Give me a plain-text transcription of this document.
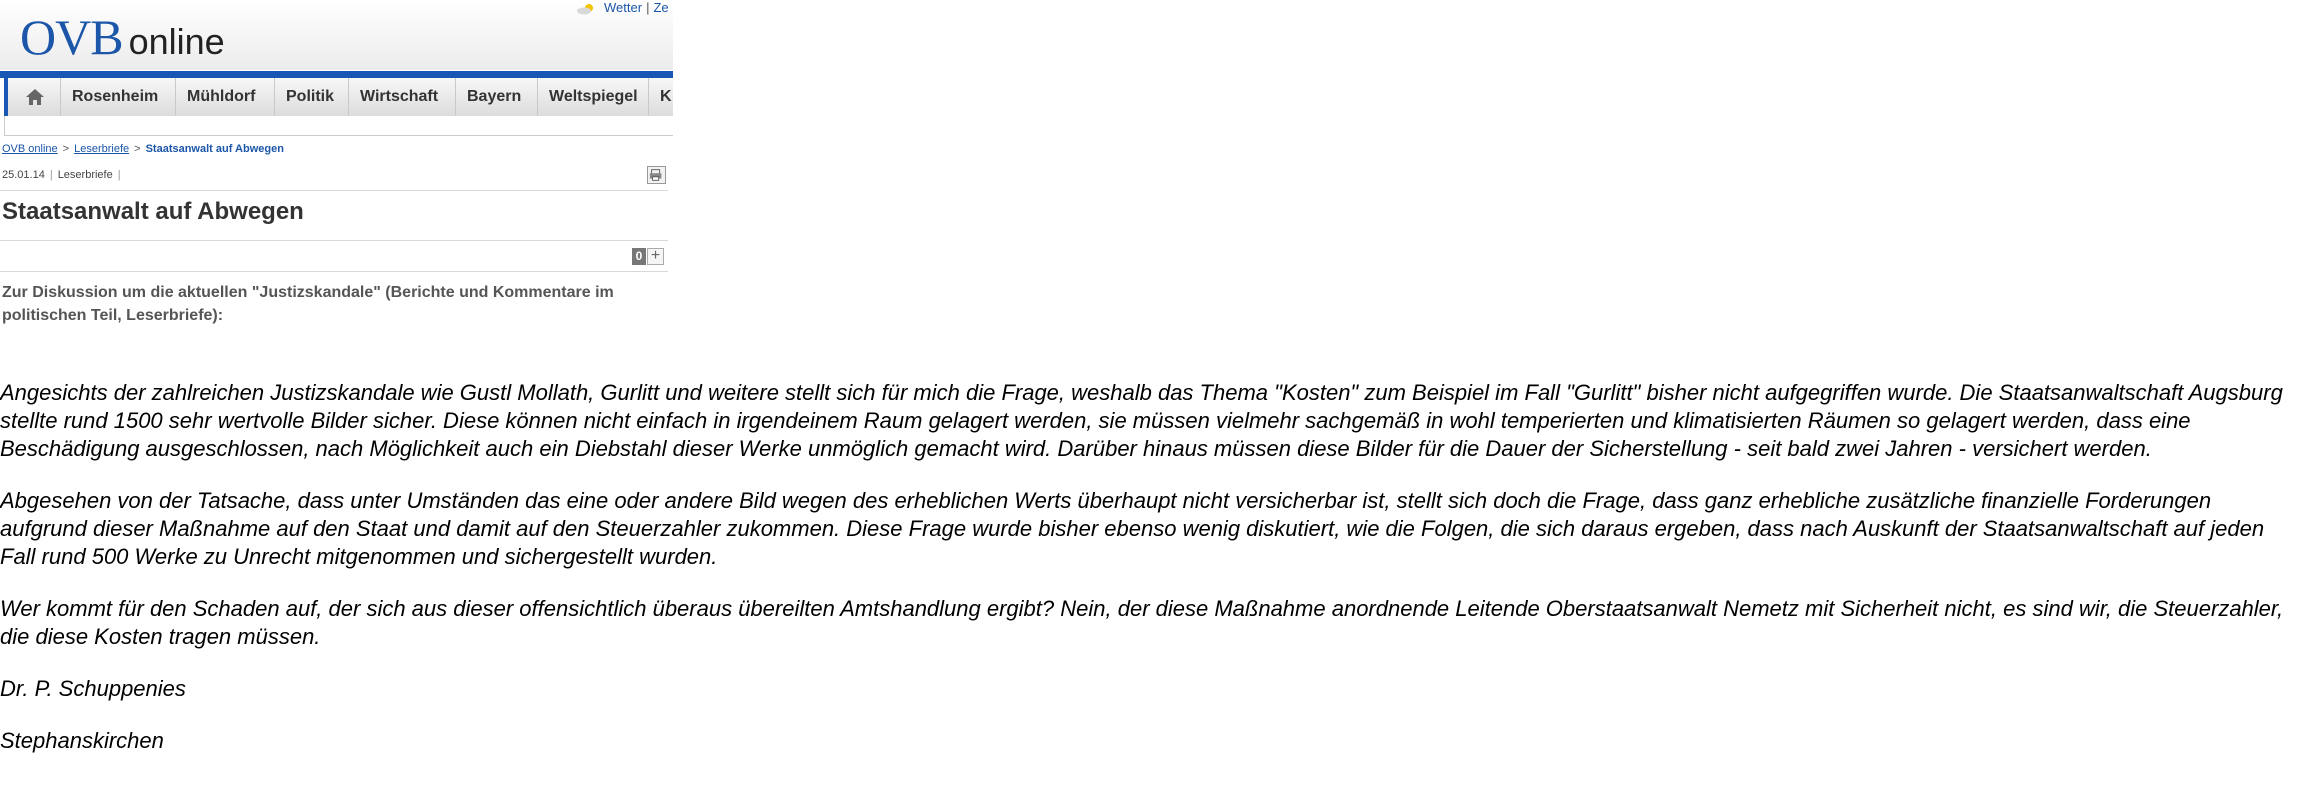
OVB online
Wetter | Ze
Rosenheim	Mühldorf	Politik	Wirtschaft	Bayern	Weltspiegel	K
OVB online > Leserbriefe > Staatsanwalt auf Abwegen
25.01.14 | Leserbriefe |
Staatsanwalt auf Abwegen
0 +

Zur Diskussion um die aktuellen "Justizskandale" (Berichte und Kommentare im politischen Teil, Leserbriefe):

Angesichts der zahlreichen Justizskandale wie Gustl Mollath, Gurlitt und weitere stellt sich für mich die Frage, weshalb das Thema "Kosten" zum Beispiel im Fall "Gurlitt" bisher nicht aufgegriffen wurde. Die Staatsanwaltschaft Augsburg stellte rund 1500 sehr wertvolle Bilder sicher. Diese können nicht einfach in irgendeinem Raum gelagert werden, sie müssen vielmehr sachgemäß in wohl temperierten und klimatisierten Räumen so gelagert werden, dass eine Beschädigung ausgeschlossen, nach Möglichkeit auch ein Diebstahl dieser Werke unmöglich gemacht wird. Darüber hinaus müssen diese Bilder für die Dauer der Sicherstellung - seit bald zwei Jahren - versichert werden.

Abgesehen von der Tatsache, dass unter Umständen das eine oder andere Bild wegen des erheblichen Werts überhaupt nicht versicherbar ist, stellt sich doch die Frage, dass ganz erhebliche zusätzliche finanzielle Forderungen aufgrund dieser Maßnahme auf den Staat und damit auf den Steuerzahler zukommen. Diese Frage wurde bisher ebenso wenig diskutiert, wie die Folgen, die sich daraus ergeben, dass nach Auskunft der Staatsanwaltschaft auf jeden Fall rund 500 Werke zu Unrecht mitgenommen und sichergestellt wurden.

Wer kommt für den Schaden auf, der sich aus dieser offensichtlich überaus übereilten Amtshandlung ergibt? Nein, der diese Maßnahme anordnende Leitende Oberstaatsanwalt Nemetz mit Sicherheit nicht, es sind wir, die Steuerzahler, die diese Kosten tragen müssen.

Dr. P. Schuppenies

Stephanskirchen
